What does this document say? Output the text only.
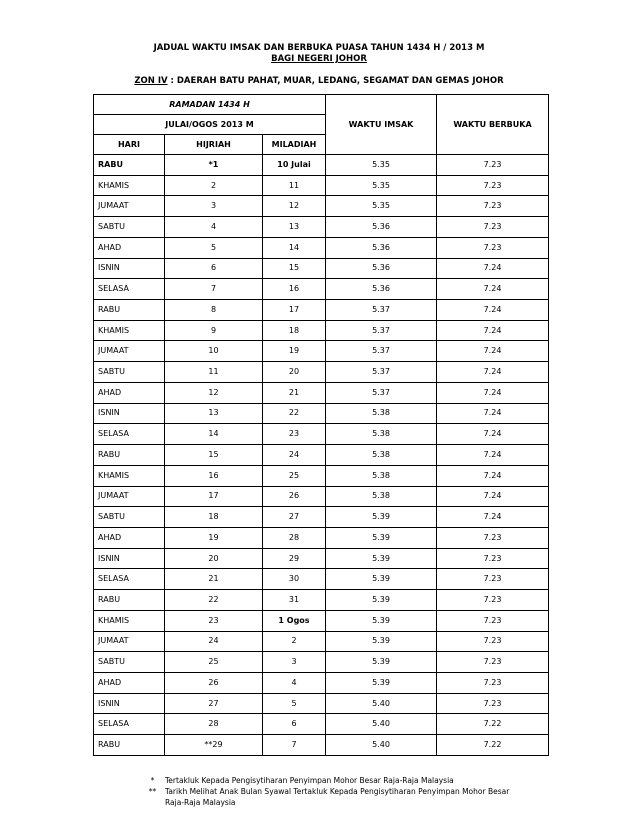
JADUAL WAKTU IMSAK DAN BERBUKA PUASA TAHUN 1434 H / 2013 M
BAGI NEGERI JOHOR
ZON IV : DAERAH BATU PAHAT, MUAR, LEDANG, SEGAMAT DAN GEMAS JOHOR
RAMADAN 1434 H			WAKTU IMSAK	WAKTU BERBUKA
JULAI/OGOS 2013 M				
HARI	HIJRIAH	MILADIAH		
RABU	*1	10 Julai	5.35	7.23
KHAMIS	2	11	5.35	7.23
JUMAAT	3	12	5.35	7.23
SABTU	4	13	5.36	7.23
AHAD	5	14	5.36	7.23
ISNIN	6	15	5.36	7.24
SELASA	7	16	5.36	7.24
RABU	8	17	5.37	7.24
KHAMIS	9	18	5.37	7.24
JUMAAT	10	19	5.37	7.24
SABTU	11	20	5.37	7.24
AHAD	12	21	5.37	7.24
ISNIN	13	22	5.38	7.24
SELASA	14	23	5.38	7.24
RABU	15	24	5.38	7.24
KHAMIS	16	25	5.38	7.24
JUMAAT	17	26	5.38	7.24
SABTU	18	27	5.39	7.24
AHAD	19	28	5.39	7.23
ISNIN	20	29	5.39	7.23
SELASA	21	30	5.39	7.23
RABU	22	31	5.39	7.23
KHAMIS	23	1 Ogos	5.39	7.23
JUMAAT	24	2	5.39	7.23
SABTU	25	3	5.39	7.23
AHAD	26	4	5.39	7.23
ISNIN	27	5	5.40	7.23
SELASA	28	6	5.40	7.22
RABU	**29	7	5.40	7.22
*	Tertakluk Kepada Pengisytiharan Penyimpan Mohor Besar Raja-Raja Malaysia
**	Tarikh Melihat Anak Bulan Syawal Tertakluk Kepada Pengisytiharan Penyimpan Mohor Besar Raja-Raja Malaysia
